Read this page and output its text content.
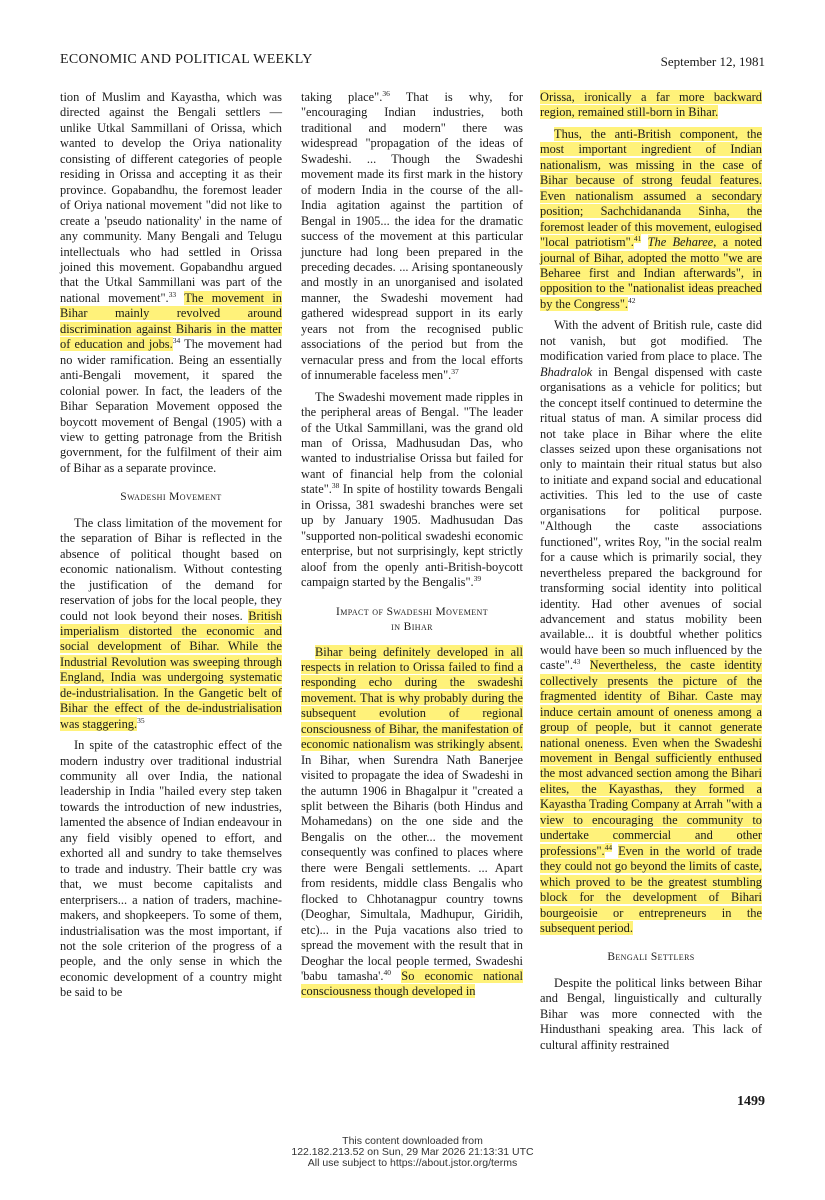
ECONOMIC AND POLITICAL WEEKLY	September 12, 1981

tion of Muslim and Kayastha, which was directed against the Bengali settlers — unlike Utkal Sammillani of Orissa, which wanted to develop the Oriya nationality consisting of different categories of people residing in Orissa and accepting it as their province. Gopabandhu, the foremost leader of Oriya national movement "did not like to create a 'pseudo nationality' in the name of any community. Many Bengali and Telugu intellectuals who had settled in Orissa joined this movement. Gopabandhu argued that the Utkal Sammillani was part of the national movement".$^{33}$ The movement in Bihar mainly revolved around discrimination against Biharis in the matter of education and jobs.$^{34}$ The movement had no wider ramification. Being an essentially anti-Bengali movement, it spared the colonial power. In fact, the leaders of the Bihar Separation Movement opposed the boycott movement of Bengal (1905) with a view to getting patronage from the British government, for the fulfilment of their aim of Bihar as a separate province.

Swadeshi Movement

The class limitation of the movement for the separation of Bihar is reflected in the absence of political thought based on economic nationalism. Without contesting the justification of the demand for reservation of jobs for the local people, they could not look beyond their noses. British imperialism distorted the economic and social development of Bihar. While the Industrial Revolution was sweeping through England, India was undergoing systematic de-industrialisation. In the Gangetic belt of Bihar the effect of the de-industrialisation was staggering.$^{35}$

In spite of the catastrophic effect of the modern industry over traditional industrial community all over India, the national leadership in India "hailed every step taken towards the introduction of new industries, lamented the absence of Indian endeavour in any field visibly opened to effort, and exhorted all and sundry to take themselves to trade and industry. Their battle cry was that, we must become capitalists and enterprisers... a nation of traders, machine-makers, and shopkeepers. To some of them, industrialisation was the most important, if not the sole criterion of the progress of a people, and the only sense in which the economic development of a country might be said to be

taking place".$^{36}$ That is why, for "encouraging Indian industries, both traditional and modern" there was widespread "propagation of the ideas of Swadeshi. ... Though the Swadeshi movement made its first mark in the history of modern India in the course of the all-India agitation against the partition of Bengal in 1905... the idea for the dramatic success of the movement at this particular juncture had long been prepared in the preceding decades. ... Arising spontaneously and mostly in an unorganised and isolated manner, the Swadeshi movement had gathered widespread support in its early years not from the recognised public associations of the period but from the vernacular press and from the local efforts of innumerable faceless men".$^{37}$

The Swadeshi movement made ripples in the peripheral areas of Bengal. "The leader of the Utkal Sammillani, was the grand old man of Orissa, Madhusudan Das, who wanted to industrialise Orissa but failed for want of financial help from the colonial state".$^{38}$ In spite of hostility towards Bengali in Orissa, 381 swadeshi branches were set up by January 1905. Madhusudan Das "supported non-political swadeshi economic enterprise, but not surprisingly, kept strictly aloof from the openly anti-British-boycott campaign started by the Bengalis".$^{39}$

Impact of Swadeshi Movement
in Bihar

Bihar being definitely developed in all respects in relation to Orissa failed to find a responding echo during the swadeshi movement. That is why probably during the subsequent evolution of regional consciousness of Bihar, the manifestation of economic nationalism was strikingly absent. In Bihar, when Surendra Nath Banerjee visited to propagate the idea of Swadeshi in the autumn 1906 in Bhagalpur it "created a split between the Biharis (both Hindus and Mohamedans) on the one side and the Bengalis on the other... the movement consequently was confined to places where there were Bengali settlements. ... Apart from residents, middle class Bengalis who flocked to Chhotanagpur country towns (Deoghar, Simultala, Madhupur, Giridih, etc)... in the Puja vacations also tried to spread the movement with the result that in Deoghar the local people termed, Swadeshi 'babu tamasha'.$^{40}$ So economic national consciousness though developed in

Orissa, ironically a far more backward region, remained still-born in Bihar.

Thus, the anti-British component, the most important ingredient of Indian nationalism, was missing in the case of Bihar because of strong feudal features. Even nationalism assumed a secondary position; Sachchidananda Sinha, the foremost leader of this movement, eulogised "local patriotism".$^{41}$ The Beharee, a noted journal of Bihar, adopted the motto "we are Beharee first and Indian afterwards", in opposition to the "nationalist ideas preached by the Congress".$^{42}$

With the advent of British rule, caste did not vanish, but got modified. The modification varied from place to place. The Bhadralok in Bengal dispensed with caste organisations as a vehicle for politics; but the concept itself continued to determine the ritual status of man. A similar process did not take place in Bihar where the elite classes seized upon these organisations not only to maintain their ritual status but also to initiate and expand social and educational activities. This led to the use of caste organisations for political purpose. "Although the caste associations functioned", writes Roy, "in the social realm for a cause which is primarily social, they nevertheless prepared the background for transforming social identity into political identity. Had other avenues of social advancement and status mobility been available... it is doubtful whether politics would have been so much influenced by the caste".$^{43}$ Nevertheless, the caste identity collectively presents the picture of the fragmented identity of Bihar. Caste may induce certain amount of oneness among a group of people, but it cannot generate national oneness. Even when the Swadeshi movement in Bengal sufficiently enthused the most advanced section among the Bihari elites, the Kayasthas, they formed a Kayastha Trading Company at Arrah "with a view to encouraging the community to undertake commercial and other professions".$^{44}$ Even in the world of trade they could not go beyond the limits of caste, which proved to be the greatest stumbling block for the development of Bihari bourgeoisie or entrepreneurs in the subsequent period.

Bengali Settlers

Despite the political links between Bihar and Bengal, linguistically and culturally Bihar was more connected with the Hindusthani speaking area. This lack of cultural affinity restrained

1499
This content downloaded from
122.182.213.52 on Sun, 29 Mar 2026 21:13:31 UTC
All use subject to https://about.jstor.org/terms
